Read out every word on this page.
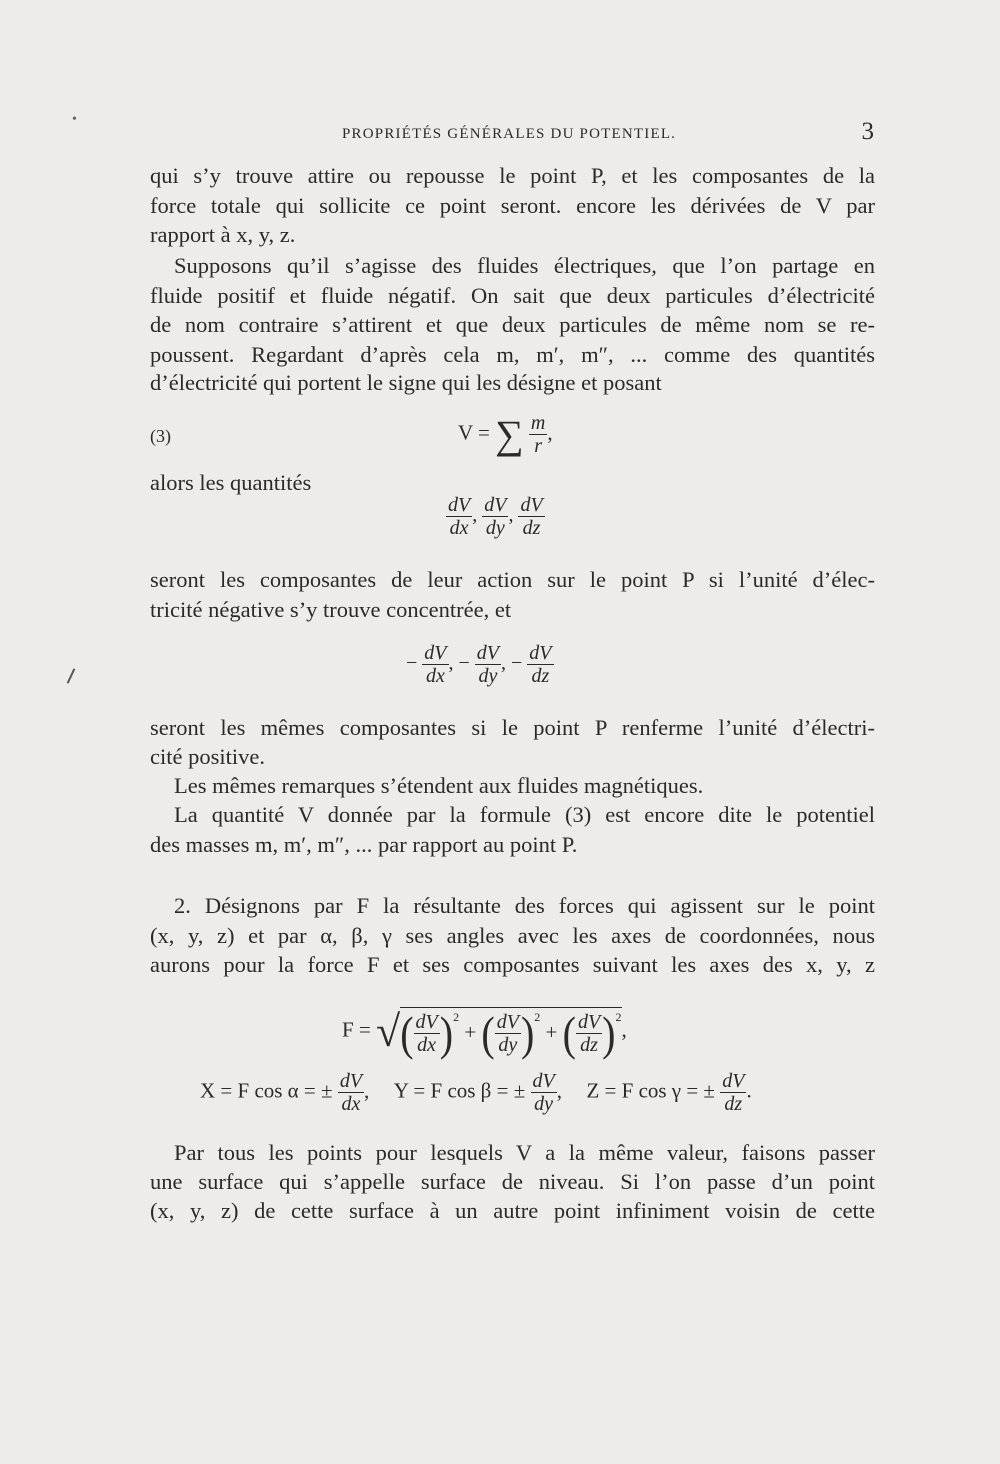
•
PROPRIÉTÉS GÉNÉRALES DU POTENTIEL.	3
qui s’y trouve attire ou repousse le point P, et les composantes de la
force totale qui sollicite ce point seront. encore les dérivées de V par
rapport à x, y, z.
Supposons qu’il s’agisse des fluides électriques, que l’on partage en
fluide positif et fluide négatif. On sait que deux particules d’électricité
de nom contraire s’attirent et que deux particules de même nom se re-
poussent. Regardant d’après cela m, m′, m″, ... comme des quantités
d’électricité qui portent le signe qui les désigne et posant
(3)	V = ∑ $\frac{m}{r}$ ,
alors les quantités
$\frac{dV}{dx}$ , $\frac{dV}{dy}$ , $\frac{dV}{dz}$
seront les composantes de leur action sur le point P si l’unité d’élec-
tricité négative s’y trouve concentrée, et
− $\frac{dV}{dx}$ , − $\frac{dV}{dy}$ , − $\frac{dV}{dz}$
seront les mêmes composantes si le point P renferme l’unité d’électri-
cité positive.
Les mêmes remarques s’étendent aux fluides magnétiques.
La quantité V donnée par la formule (3) est encore dite le potentiel
des masses m, m′, m″, ... par rapport au point P.
2. Désignons par F la résultante des forces qui agissent sur le point
(x, y, z) et par α, β, γ ses angles avec les axes de coordonnées, nous
aurons pour la force F et ses composantes suivant les axes des x, y, z
F = √( $\frac{dV}{dx} )^2$ + ( $\frac{dV}{dy} )^2$ + ( $\frac{dV}{dz} )^2$,
X = F cos α = ± $\frac{dV}{dx}$ , Y = F cos β = ± $\frac{dV}{dy}$ , Z = F cos γ = ± $\frac{dV}{dz}$ .
Par tous les points pour lesquels V a la même valeur, faisons passer
une surface qui s’appelle surface de niveau. Si l’on passe d’un point
(x, y, z) de cette surface à un autre point infiniment voisin de cette
